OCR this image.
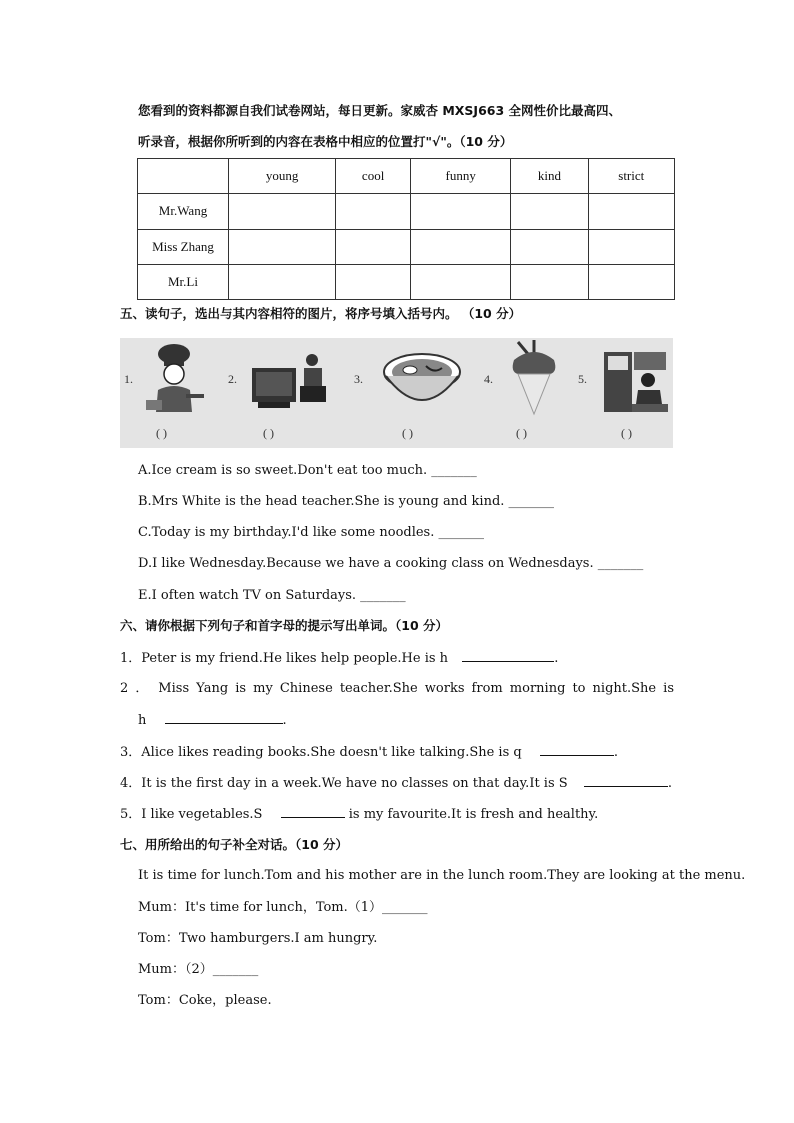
您看到的资料都源自我们试卷网站，每日更新。家威杏 MXSJ663 全网性价比最高四、
听录音，根据你所听到的内容在表格中相应的位置打"√"。（10 分）
	young	cool	funny	kind	strict
Mr.Wang					
Miss Zhang					
Mr.Li					
五、读句子，选出与其内容相符的图片，将序号填入括号内。 （10 分）
1.
( )
2.
( )
3.
( )
4.
( )
5.
( )
A.Ice cream is so sweet.Don't eat too much. _______
B.Mrs White is the head teacher.She is young and kind. _______
C.Today is my birthday.I'd like some noodles. _______
D.I like Wednesday.Because we have a cooking class on Wednesdays. _______
E.I often watch TV on Saturdays. _______
六、请你根据下列句子和首字母的提示写出单词。（10 分）
1．Peter is my friend.He likes help people.He is h	.
2 ． Miss Yang is my Chinese teacher.She works from morning to night.She is
h	.
3．Alice likes reading books.She doesn't like talking.She is q	.
4．It is the first day in a week.We have no classes on that day.It is S	.
5．I like vegetables.S	is my favourite.It is fresh and healthy.
七、用所给出的句子补全对话。（10 分）
It is time for lunch.Tom and his mother are in the lunch room.They are looking at the menu.
Mum：It's time for lunch，Tom.（1）_______
Tom：Two hamburgers.I am hungry.
Mum：（2）_______
Tom：Coke，please.
